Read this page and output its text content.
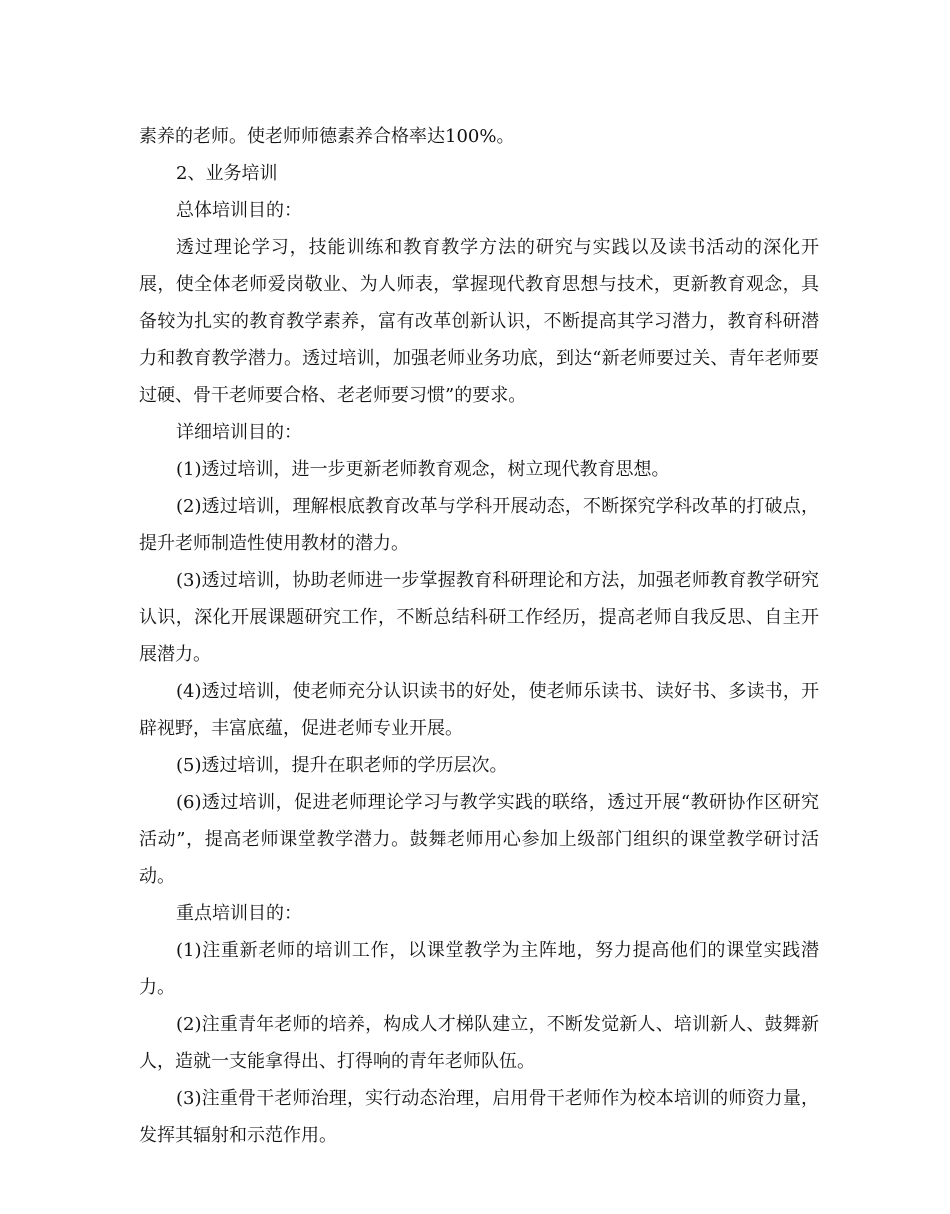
素养的老师。使老师师德素养合格率达100%。

2、业务培训

总体培训目的：

透过理论学习，技能训练和教育教学方法的研究与实践以及读书活动的深化开展，使全体老师爱岗敬业、为人师表，掌握现代教育思想与技术，更新教育观念，具备较为扎实的教育教学素养，富有改革创新认识，不断提高其学习潜力，教育科研潜力和教育教学潜力。透过培训，加强老师业务功底，到达“新老师要过关、青年老师要过硬、骨干老师要合格、老老师要习惯”的要求。

详细培训目的：

(1)透过培训，进一步更新老师教育观念，树立现代教育思想。

(2)透过培训，理解根底教育改革与学科开展动态，不断探究学科改革的打破点，提升老师制造性使用教材的潜力。

(3)透过培训，协助老师进一步掌握教育科研理论和方法，加强老师教育教学研究认识，深化开展课题研究工作，不断总结科研工作经历，提高老师自我反思、自主开展潜力。

(4)透过培训，使老师充分认识读书的好处，使老师乐读书、读好书、多读书，开辟视野，丰富底蕴，促进老师专业开展。

(5)透过培训，提升在职老师的学历层次。

(6)透过培训，促进老师理论学习与教学实践的联络，透过开展“教研协作区研究活动”，提高老师课堂教学潜力。鼓舞老师用心参加上级部门组织的课堂教学研讨活动。

重点培训目的：

(1)注重新老师的培训工作，以课堂教学为主阵地，努力提高他们的课堂实践潜力。

(2)注重青年老师的培养，构成人才梯队建立，不断发觉新人、培训新人、鼓舞新人，造就一支能拿得出、打得响的青年老师队伍。

(3)注重骨干老师治理，实行动态治理，启用骨干老师作为校本培训的师资力量，发挥其辐射和示范作用。
